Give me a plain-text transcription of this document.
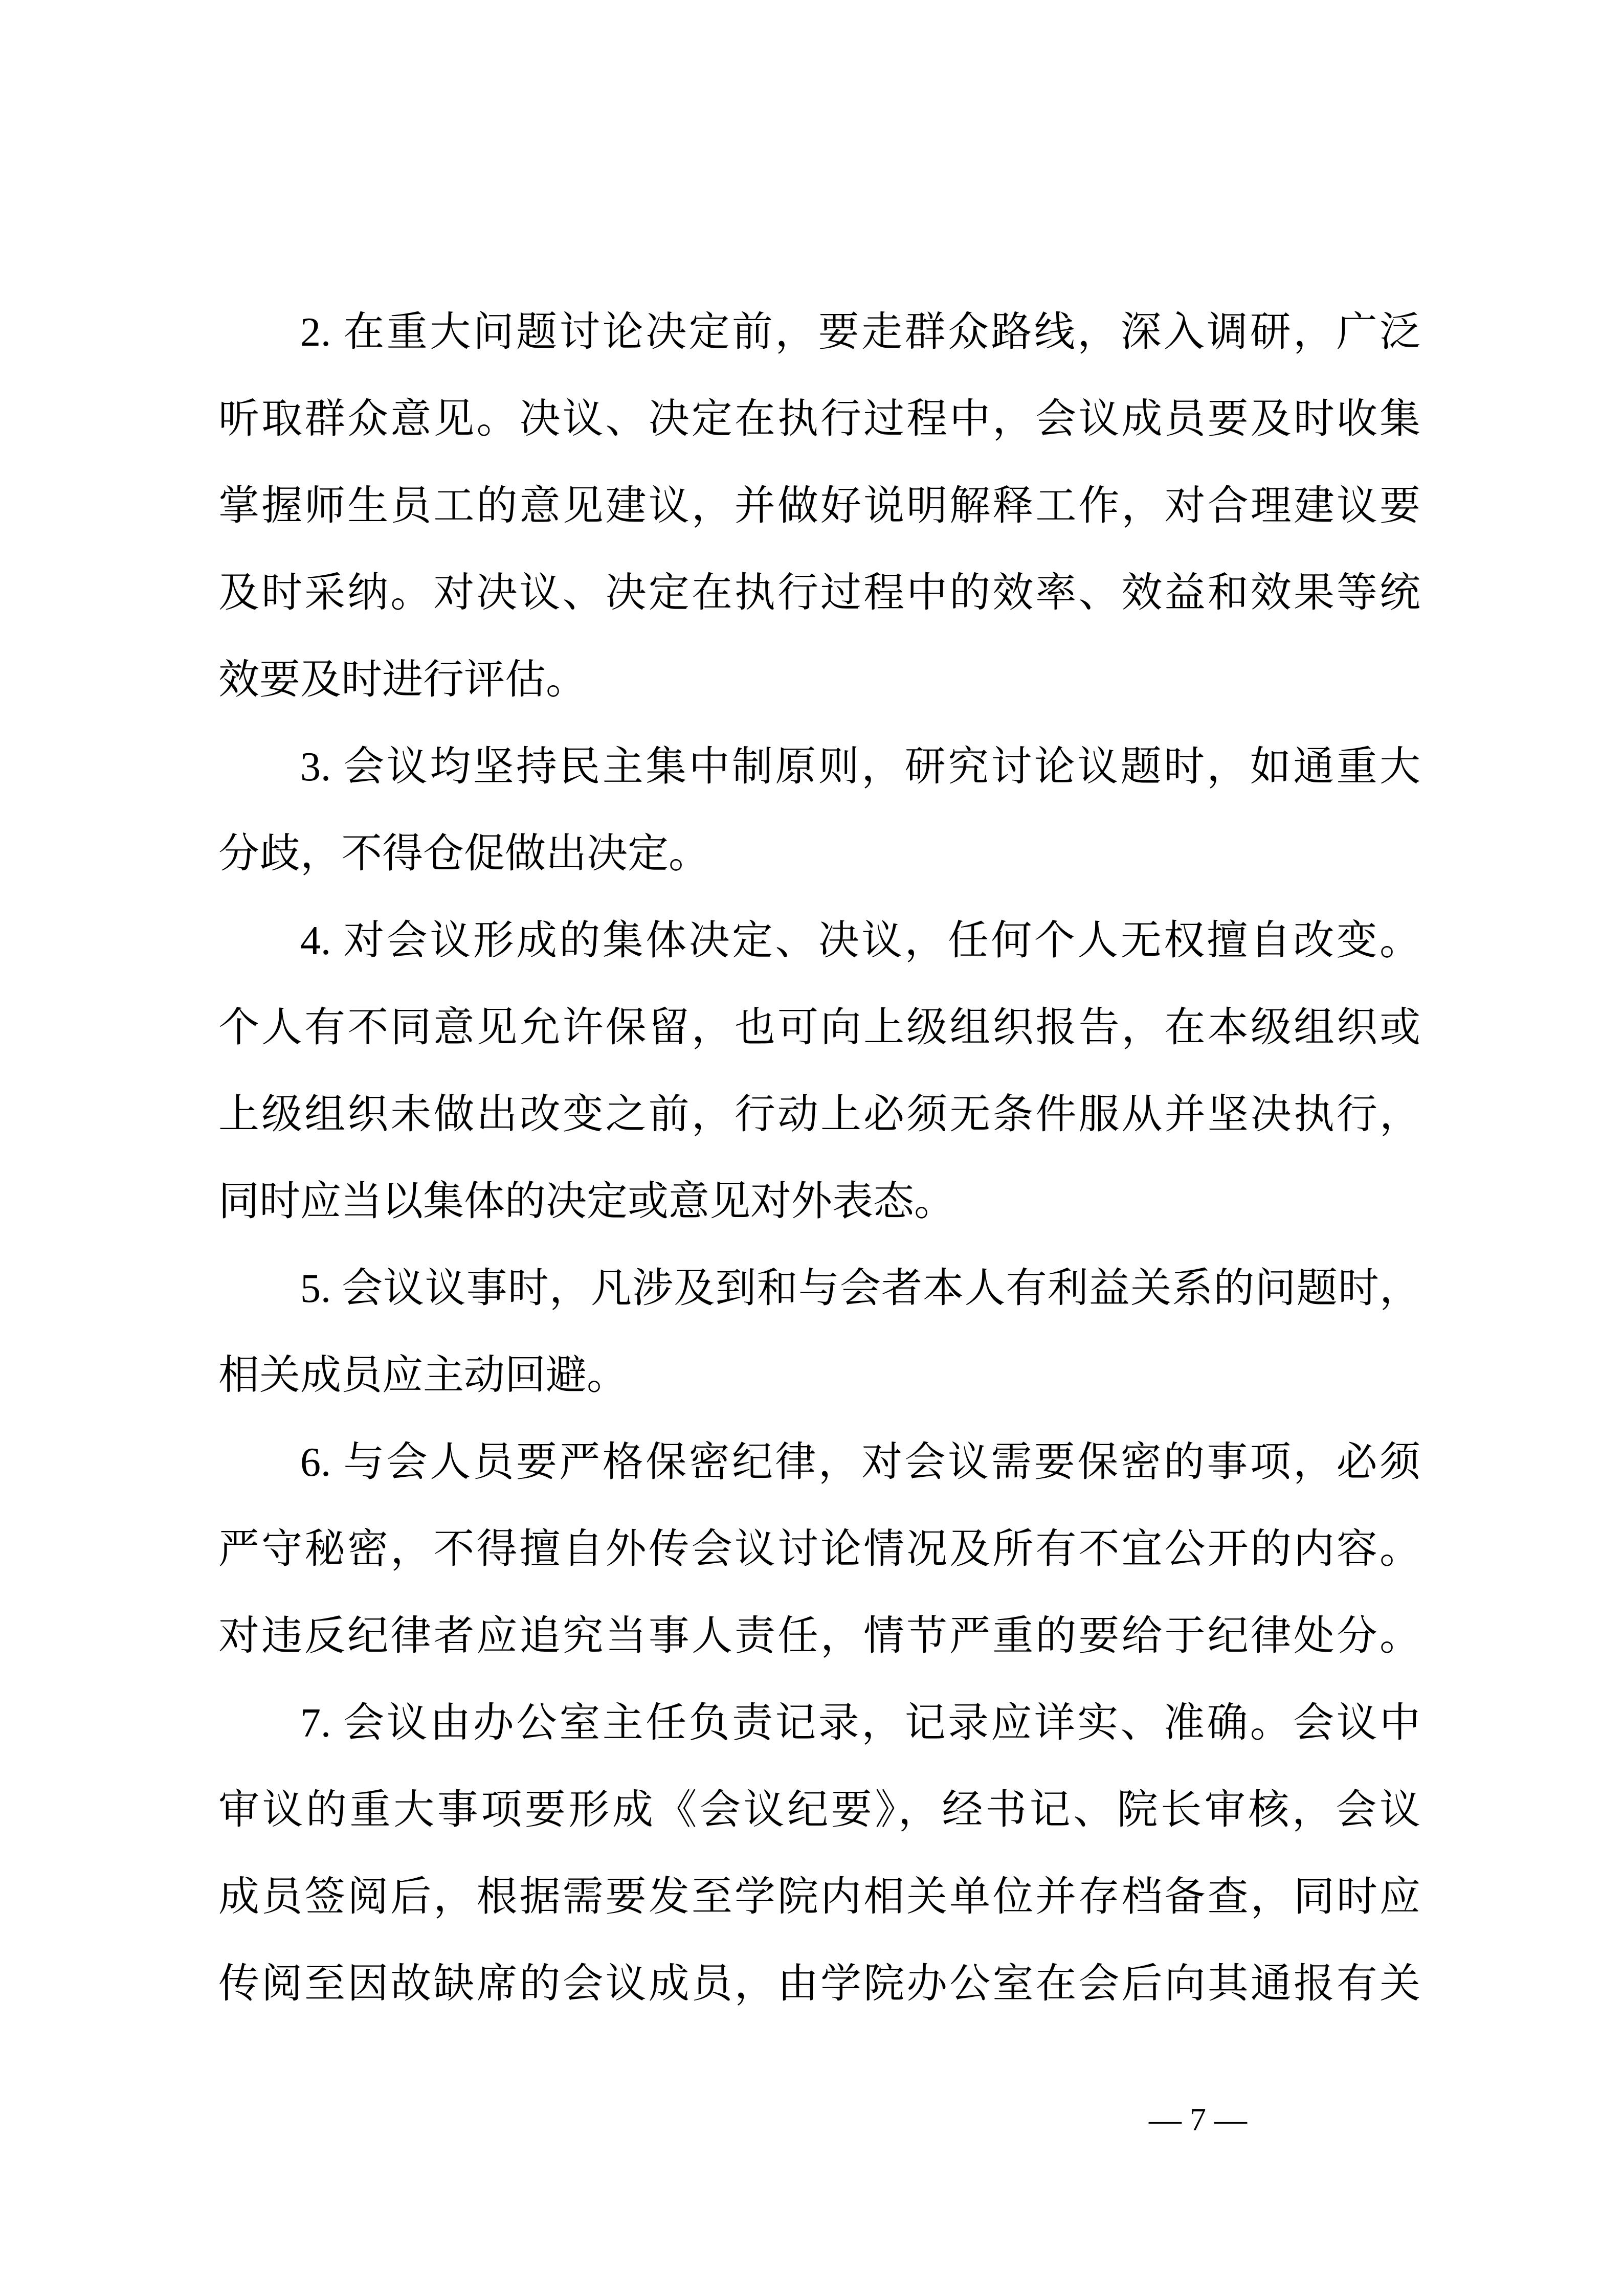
2. 在重大问题讨论决定前，要走群众路线，深入调研，广泛
听取群众意见。决议、决定在执行过程中，会议成员要及时收集
掌握师生员工的意见建议，并做好说明解释工作，对合理建议要
及时采纳。对决议、决定在执行过程中的效率、效益和效果等统
效要及时进行评估。
3. 会议均坚持民主集中制原则，研究讨论议题时，如通重大
分歧，不得仓促做出决定。
4. 对会议形成的集体决定、决议，任何个人无权擅自改变。
个人有不同意见允许保留，也可向上级组织报告，在本级组织或
上级组织未做出改变之前，行动上必须无条件服从并坚决执行，
同时应当以集体的决定或意见对外表态。
5. 会议议事时，凡涉及到和与会者本人有利益关系的问题时，
相关成员应主动回避。
6. 与会人员要严格保密纪律，对会议需要保密的事项，必须
严守秘密，不得擅自外传会议讨论情况及所有不宜公开的内容。
对违反纪律者应追究当事人责任，情节严重的要给于纪律处分。
7. 会议由办公室主任负责记录，记录应详实、准确。会议中
审议的重大事项要形成《会议纪要》，经书记、院长审核，会议
成员签阅后，根据需要发至学院内相关单位并存档备查，同时应
传阅至因故缺席的会议成员，由学院办公室在会后向其通报有关
— 7 —
